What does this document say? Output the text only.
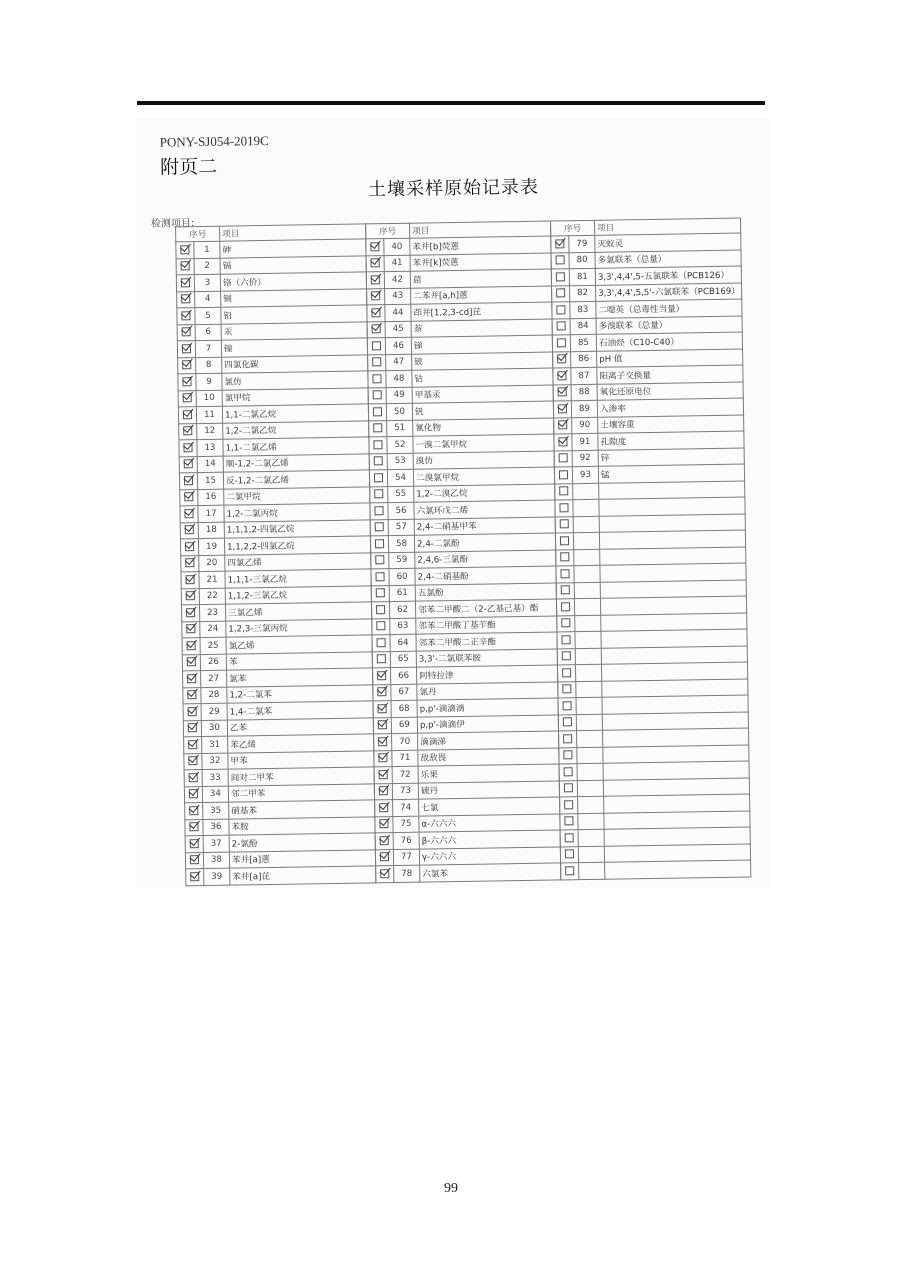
PONY-SJ054-2019C
附页二
土壤采样原始记录表
检测项目:
序号		项目
	1	砷
	2	镉
	3	铬（六价）
	4	铜
	5	铅
	6	汞
	7	镍
	8	四氯化碳
	9	氯仿
	10	氯甲烷
	11	1,1-二氯乙烷
	12	1,2-二氯乙烷
	13	1,1-二氯乙烯
	14	顺-1,2-二氯乙烯
	15	反-1,2-二氯乙烯
	16	二氯甲烷
	17	1,2-二氯丙烷
	18	1,1,1,2-四氯乙烷
	19	1,1,2,2-四氯乙烷
	20	四氯乙烯
	21	1,1,1-三氯乙烷
	22	1,1,2-三氯乙烷
	23	三氯乙烯
	24	1,2,3-三氯丙烷
	25	氯乙烯
	26	苯
	27	氯苯
	28	1,2-二氯苯
	29	1,4-二氯苯
	30	乙苯
	31	苯乙烯
	32	甲苯
	33	间对二甲苯
	34	邻二甲苯
	35	硝基苯
	36	苯胺
	37	2-氯酚
	38	苯并[a]蒽
	39	苯并[a]芘
序号		项目
	40	苯并[b]荧蒽
	41	苯并[k]荧蒽
	42	䓛
	43	二苯并[a,h]蒽
	44	茚并[1,2,3-cd]芘
	45	萘
	46	锑
	47	铍
	48	钴
	49	甲基汞
	50	钒
	51	氰化物
	52	一溴二氯甲烷
	53	溴仿
	54	二溴氯甲烷
	55	1,2-二溴乙烷
	56	六氯环戊二烯
	57	2,4-二硝基甲苯
	58	2,4-二氯酚
	59	2,4,6-三氯酚
	60	2,4-二硝基酚
	61	五氯酚
	62	邻苯二甲酸二（2-乙基己基）酯
	63	邻苯二甲酸丁基苄酯
	64	邻苯二甲酸二正辛酯
	65	3,3'-二氯联苯胺
	66	阿特拉津
	67	氯丹
	68	p,p'-滴滴滴
	69	p,p'-滴滴伊
	70	滴滴涕
	71	敌敌畏
	72	乐果
	73	硫丹
	74	七氯
	75	α-六六六
	76	β-六六六
	77	γ-六六六
	78	六氯苯
序号		项目
	79	灭蚁灵
	80	多氯联苯（总量）
	81	3,3',4,4',5-五氯联苯（PCB126）
	82	3,3',4,4',5,5'-六氯联苯（PCB169）
	83	二噁英（总毒性当量）
	84	多溴联苯（总量）
	85	石油烃（C10-C40）
	86	pH 值
	87	阳离子交换量
	88	氧化还原电位
	89	入渗率
	90	土壤容重
	91	孔隙度
	92	锌
	93	锰

99
